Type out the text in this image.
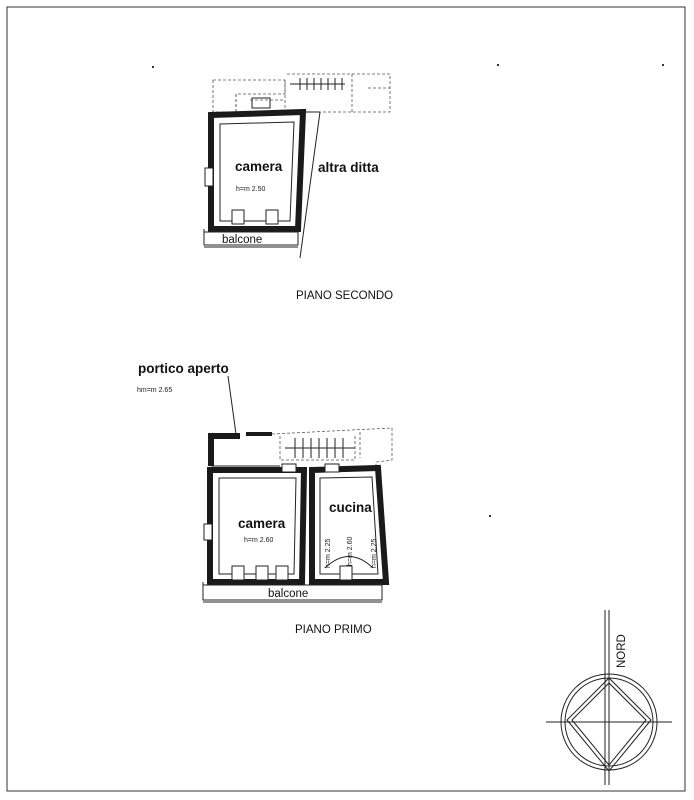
camera
h=m 2.50
altra ditta
balcone
PIANO SECONDO
portico aperto
hm=m 2.65
camera
h=m 2.60
cucina
h=m 2.60
h=m 2.25	h=m 2.25
balcone
PIANO PRIMO
NORD
